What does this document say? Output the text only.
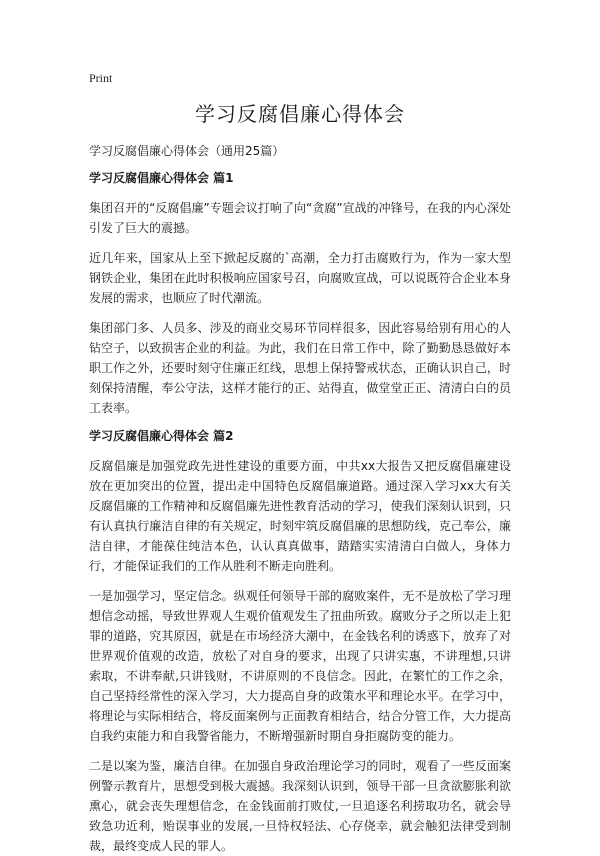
Print
学习反腐倡廉心得体会
学习反腐倡廉心得体会（通用25篇）
学习反腐倡廉心得体会 篇1

集团召开的“反腐倡廉”专题会议打响了向“贪腐”宣战的冲锋号，在我的内心深处引发了巨大的震撼。

近几年来，国家从上至下掀起反腐的`高潮，全力打击腐败行为，作为一家大型钢铁企业，集团在此时积极响应国家号召，向腐败宣战，可以说既符合企业本身发展的需求，也顺应了时代潮流。

集团部门多、人员多、涉及的商业交易环节同样很多，因此容易给别有用心的人钻空子，以致损害企业的利益。为此，我们在日常工作中，除了勤勤恳恳做好本职工作之外，还要时刻守住廉正红线，思想上保持警戒状态，正确认识自己，时刻保持清醒，奉公守法，这样才能行的正、站得直，做堂堂正正、清清白白的员工表率。

学习反腐倡廉心得体会 篇2

反腐倡廉是加强党政先进性建设的重要方面，中共xx大报告又把反腐倡廉建设放在更加突出的位置，提出走中国特色反腐倡廉道路。通过深入学习xx大有关反腐倡廉的工作精神和反腐倡廉先进性教育活动的学习，使我们深刻认识到，只有认真执行廉洁自律的有关规定，时刻牢筑反腐倡廉的思想防线，克己奉公，廉洁自律，才能葆住纯洁本色，认认真真做事，踏踏实实清清白白做人，身体力行，才能保证我们的工作从胜利不断走向胜利。

一是加强学习，坚定信念。纵观任何领导干部的腐败案件，无不是放松了学习理想信念动摇，导致世界观人生观价值观发生了扭曲所致。腐败分子之所以走上犯罪的道路，究其原因，就是在市场经济大潮中，在金钱名利的诱惑下，放弃了对世界观价值观的改造，放松了对自身的要求，出现了只讲实惠，不讲理想,只讲索取，不讲奉献,只讲钱财，不讲原则的不良信念。因此，在繁忙的工作之余，自己坚持经常性的深入学习，大力提高自身的政策水平和理论水平。在学习中，将理论与实际相结合，将反面案例与正面教育相结合，结合分管工作，大力提高自我约束能力和自我警省能力，不断增强新时期自身拒腐防变的能力。

二是以案为鉴，廉洁自律。在加强自身政治理论学习的同时，观看了一些反面案例警示教育片，思想受到极大震撼。我深刻认识到，领导干部一旦贪欲膨胀利欲熏心，就会丧失理想信念，在金钱面前打败仗,一旦追逐名利捞取功名，就会导致急功近利，贻误事业的发展,一旦恃权轻法、心存侥幸，就会触犯法律受到制裁，最终变成人民的罪人。
